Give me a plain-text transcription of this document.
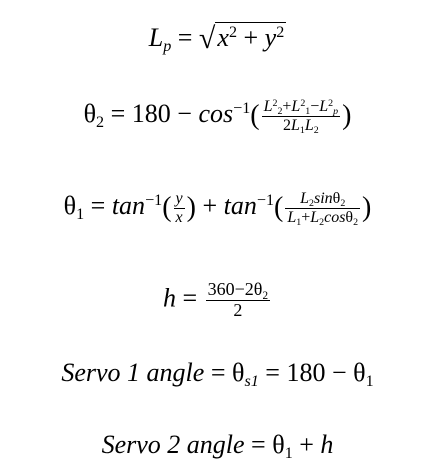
$L_p = √x^2 + y^2$
$\theta_2 = 180 - \cos^{-1}( \frac{L^2_2+L^2_1-L^2_p}{2L_1L_2}$ )
$\theta_1 = \tan^{-1}( \frac{y}{x}$ ) + $\tan^{-1}( \frac{L_2\sin\theta_2}{L_1+L_2\cos\theta_2}$ )
$h = \frac{360-2\theta_2}{2}$
Servo 1 angle = $\theta_{s1} = 180 - \theta_1$
Servo 2 angle = $\theta_1 + h$
